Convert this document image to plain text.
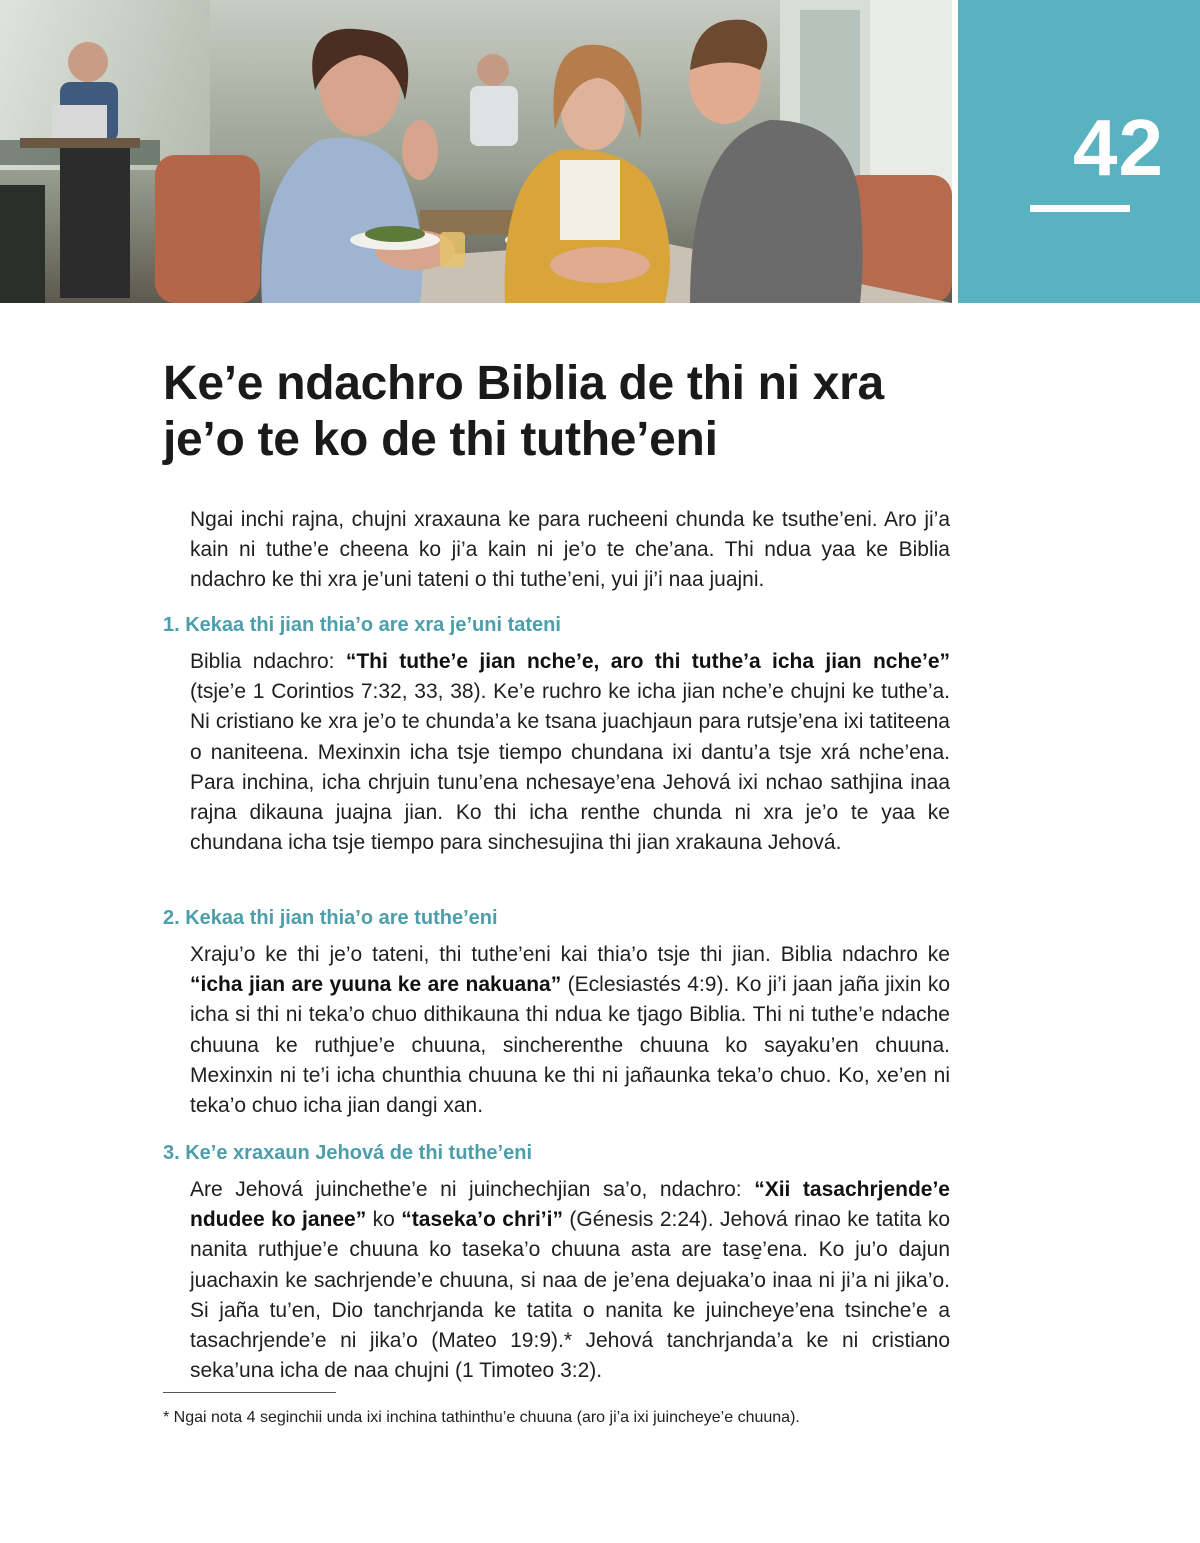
42
Ke’e ndachro Biblia de thi ni xra je’o te ko de thi tuthe’eni

Ngai inchi rajna, chujni xraxauna ke para rucheeni chunda ke tsuthe’eni. Aro ji’a kain ni tuthe’e cheena ko ji’a kain ni je’o te che’ana. Thi ndua yaa ke Biblia ndachro ke thi xra je’uni tateni o thi tuthe’eni, yui ji’i naa juajni.

1. Kekaa thi jian thia’o are xra je’uni tateni

Biblia ndachro: “Thi tuthe’e jian nche’e, aro thi tuthe’a icha jian nche’e” (tsje’e 1 Corintios 7:32, 33, 38). Ke’e ruchro ke icha jian nche’e chujni ke tuthe’a. Ni cristiano ke xra je’o te chunda’a ke tsana juachjaun para rutsje’ena ixi tatiteena o naniteena. Mexinxin icha tsje tiempo chundana ixi dantu’a tsje xrá nche’ena. Para inchina, icha chrjuin tunu’ena nchesaye’ena Jehová ixi nchao sathjina inaa rajna dikauna juajna jian. Ko thi icha renthe chunda ni xra je’o te yaa ke chundana icha tsje tiempo para sinchesujina thi jian xrakauna Jehová.

2. Kekaa thi jian thia’o are tuthe’eni

Xraju’o ke thi je’o tateni, thi tuthe’eni kai thia’o tsje thi jian. Biblia ndachro ke “icha jian are yuuna ke are nakuana” (Eclesiastés 4:9). Ko ji’i jaan jaña jixin ko icha si thi ni teka’o chuo dithikauna thi ndua ke tjago Biblia. Thi ni tuthe’e ndache chuuna ke ruthjue’e chuuna, sincherenthe chuuna ko sayaku’en chuuna. Mexinxin ni te’i icha chunthia chuuna ke thi ni jañaunka teka’o chuo. Ko, xe’en ni teka’o chuo icha jian dangi xan.

3. Ke’e xraxaun Jehová de thi tuthe’eni

Are Jehová juinchethe’e ni juinchechjian sa’o, ndachro: “Xii tasachrjende’e ndudee ko janee” ko “taseka’o chri’i” (Génesis 2:24). Jehová rinao ke tatita ko nanita ruthjue’e chuuna ko taseka’o chuuna asta are tase̱’ena. Ko ju’o dajun juachaxin ke sachrjende’e chuuna, si naa de je’ena dejuaka’o inaa ni ji’a ni jika’o. Si jaña tu’en, Dio tanchrjanda ke tatita o nanita ke juincheye’ena tsinche’e a tasachrjende’e ni jika’o (Mateo 19:9).* Jehová tanchrjanda’a ke ni cristiano seka’una icha de naa chujni (1 Timoteo 3:2).

* Ngai nota 4 seginchii unda ixi inchina tathinthu’e chuuna (aro ji’a ixi juincheye’e chuuna).
